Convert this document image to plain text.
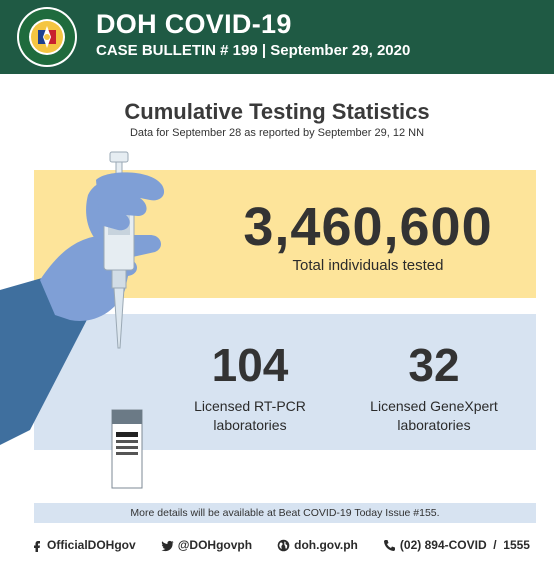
DOH COVID-19
CASE BULLETIN # 199 | September 29, 2020
Cumulative Testing Statistics
Data for September 28 as reported by September 29, 12 NN
3,460,600
Total individuals tested
104
Licensed RT-PCR
laboratories
32
Licensed GeneXpert
laboratories
More details will be available at Beat COVID-19 Today Issue #155.
OfficialDOHgov	@DOHgovph	doh.gov.ph	(02) 894-COVID  /  1555
